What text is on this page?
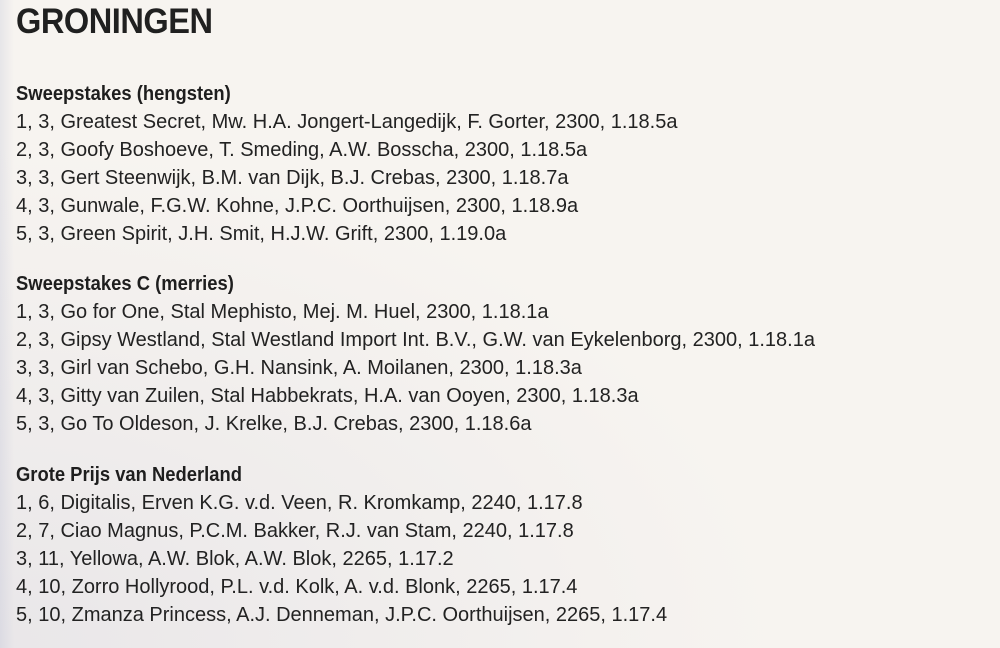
GRONINGEN
Sweepstakes (hengsten)
1, 3, Greatest Secret, Mw. H.A. Jongert-Langedijk, F. Gorter, 2300, 1.18.5a
2, 3, Goofy Boshoeve, T. Smeding, A.W. Bosscha, 2300, 1.18.5a
3, 3, Gert Steenwijk, B.M. van Dijk, B.J. Crebas, 2300, 1.18.7a
4, 3, Gunwale, F.G.W. Kohne, J.P.C. Oorthuijsen, 2300, 1.18.9a
5, 3, Green Spirit, J.H. Smit, H.J.W. Grift, 2300, 1.19.0a
Sweepstakes C (merries)
1, 3, Go for One, Stal Mephisto, Mej. M. Huel, 2300, 1.18.1a
2, 3, Gipsy Westland, Stal Westland Import Int. B.V., G.W. van Eykelenborg, 2300, 1.18.1a
3, 3, Girl van Schebo, G.H. Nansink, A. Moilanen, 2300, 1.18.3a
4, 3, Gitty van Zuilen, Stal Habbekrats, H.A. van Ooyen, 2300, 1.18.3a
5, 3, Go To Oldeson, J. Krelke, B.J. Crebas, 2300, 1.18.6a
Grote Prijs van Nederland
1, 6, Digitalis, Erven K.G. v.d. Veen, R. Kromkamp, 2240, 1.17.8
2, 7, Ciao Magnus, P.C.M. Bakker, R.J. van Stam, 2240, 1.17.8
3, 11, Yellowa, A.W. Blok, A.W. Blok, 2265, 1.17.2
4, 10, Zorro Hollyrood, P.L. v.d. Kolk, A. v.d. Blonk, 2265, 1.17.4
5, 10, Zmanza Princess, A.J. Denneman, J.P.C. Oorthuijsen, 2265, 1.17.4
